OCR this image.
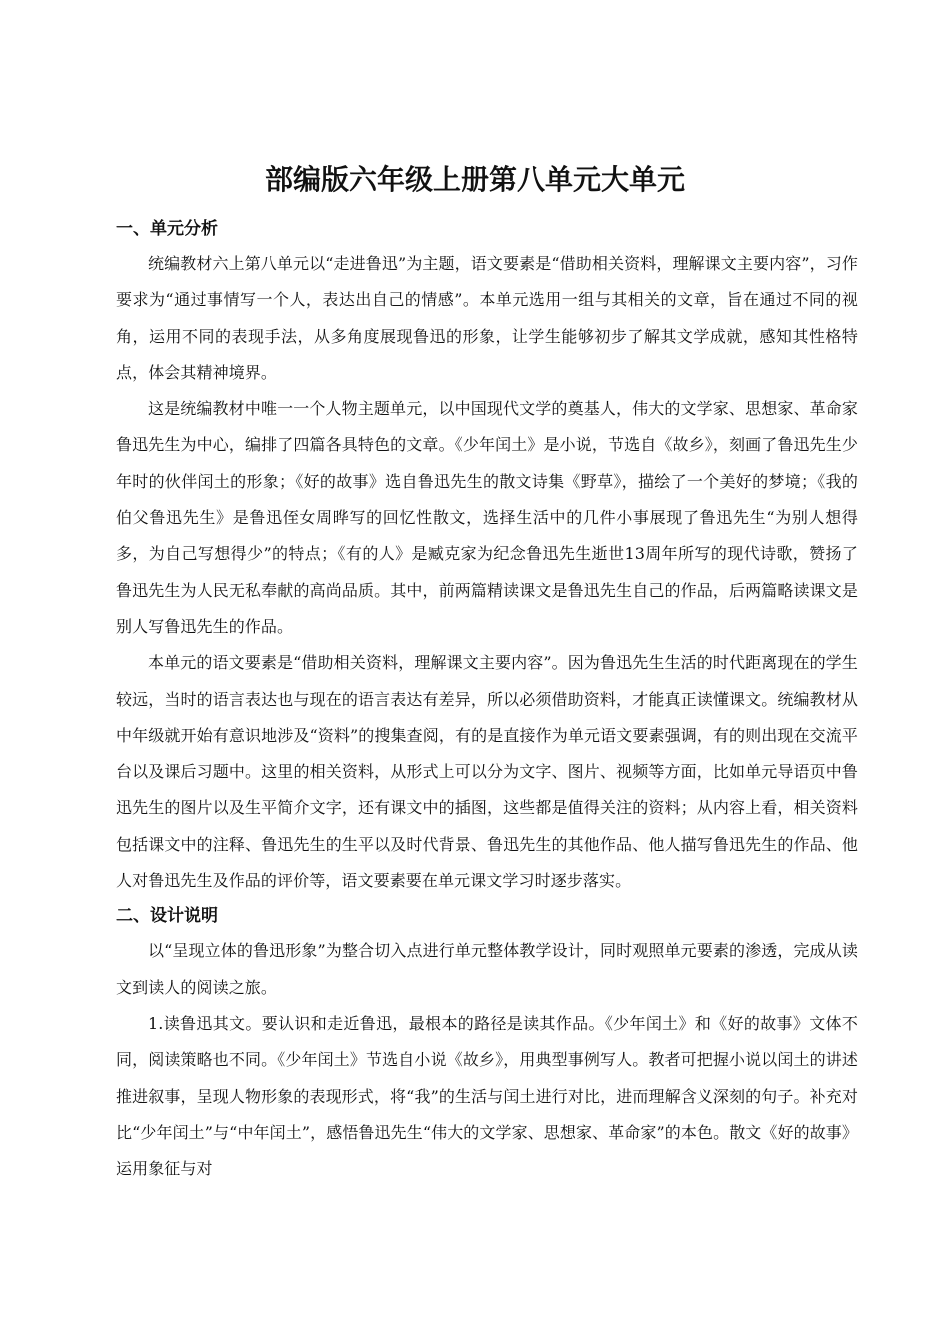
部编版六年级上册第八单元大单元
一、单元分析

统编教材六上第八单元以“走进鲁迅”为主题，语文要素是“借助相关资料，理解课文主要内容”，习作要求为“通过事情写一个人，表达出自己的情感”。本单元选用一组与其相关的文章，旨在通过不同的视角，运用不同的表现手法，从多角度展现鲁迅的形象，让学生能够初步了解其文学成就，感知其性格特点，体会其精神境界。

这是统编教材中唯一一个人物主题单元，以中国现代文学的奠基人，伟大的文学家、思想家、革命家鲁迅先生为中心，编排了四篇各具特色的文章。《少年闰土》是小说，节选自《故乡》，刻画了鲁迅先生少年时的伙伴闰土的形象；《好的故事》选自鲁迅先生的散文诗集《野草》，描绘了一个美好的梦境；《我的伯父鲁迅先生》是鲁迅侄女周晔写的回忆性散文，选择生活中的几件小事展现了鲁迅先生“为别人想得多，为自己写想得少”的特点；《有的人》是臧克家为纪念鲁迅先生逝世13周年所写的现代诗歌，赞扬了鲁迅先生为人民无私奉献的高尚品质。其中，前两篇精读课文是鲁迅先生自己的作品，后两篇略读课文是别人写鲁迅先生的作品。

本单元的语文要素是“借助相关资料，理解课文主要内容”。因为鲁迅先生生活的时代距离现在的学生较远，当时的语言表达也与现在的语言表达有差异，所以必须借助资料，才能真正读懂课文。统编教材从中年级就开始有意识地涉及“资料”的搜集查阅，有的是直接作为单元语文要素强调，有的则出现在交流平台以及课后习题中。这里的相关资料，从形式上可以分为文字、图片、视频等方面，比如单元导语页中鲁迅先生的图片以及生平简介文字，还有课文中的插图，这些都是值得关注的资料；从内容上看，相关资料包括课文中的注释、鲁迅先生的生平以及时代背景、鲁迅先生的其他作品、他人描写鲁迅先生的作品、他人对鲁迅先生及作品的评价等，语文要素要在单元课文学习时逐步落实。

二、设计说明

以“呈现立体的鲁迅形象”为整合切入点进行单元整体教学设计，同时观照单元要素的渗透，完成从读文到读人的阅读之旅。

1.读鲁迅其文。要认识和走近鲁迅，最根本的路径是读其作品。《少年闰土》和《好的故事》文体不同，阅读策略也不同。《少年闰土》节选自小说《故乡》，用典型事例写人。教者可把握小说以闰土的讲述推进叙事，呈现人物形象的表现形式，将“我”的生活与闰土进行对比，进而理解含义深刻的句子。补充对比“少年闰土”与“中年闰土”，感悟鲁迅先生“伟大的文学家、思想家、革命家”的本色。散文《好的故事》运用象征与对
